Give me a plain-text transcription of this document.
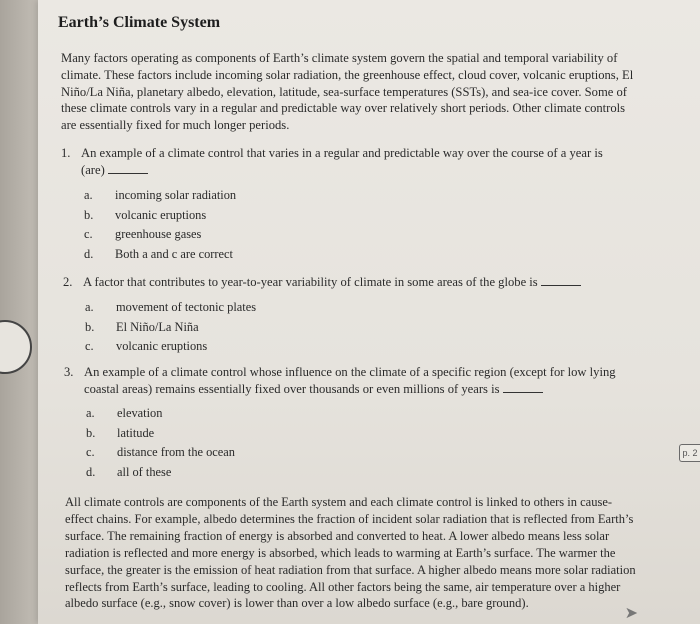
Earth’s Climate System
Many factors operating as components of Earth’s climate system govern the spatial and temporal variability of climate. These factors include incoming solar radiation, the greenhouse effect, cloud cover, volcanic eruptions, El Niño/La Niña, planetary albedo, elevation, latitude, sea-surface temperatures (SSTs), and sea-ice cover. Some of these climate controls vary in a regular and predictable way over relatively short periods. Other climate controls are essentially fixed for much longer periods.
1. An example of a climate control that varies in a regular and predictable way over the course of a year is (are)
a.	incoming solar radiation
b.	volcanic eruptions
c.	greenhouse gases
d.	Both a and c are correct
2. A factor that contributes to year-to-year variability of climate in some areas of the globe is
a.	movement of tectonic plates
b.	El Niño/La Niña
c.	volcanic eruptions
3. An example of a climate control whose influence on the climate of a specific region (except for low lying coastal areas) remains essentially fixed over thousands or even millions of years is
a.	elevation
b.	latitude
c.	distance from the ocean
d.	all of these
All climate controls are components of the Earth system and each climate control is linked to others in cause-effect chains. For example, albedo determines the fraction of incident solar radiation that is reflected from Earth’s surface. The remaining fraction of energy is absorbed and converted to heat. A lower albedo means less solar radiation is reflected and more energy is absorbed, which leads to warming at Earth’s surface. The warmer the surface, the greater is the emission of heat radiation from that surface. A higher albedo means more solar radiation reflects from Earth’s surface, leading to cooling. All other factors being the same, air temperature over a higher albedo surface (e.g., snow cover) is lower than over a low albedo surface (e.g., bare ground).
p. 2
➤
